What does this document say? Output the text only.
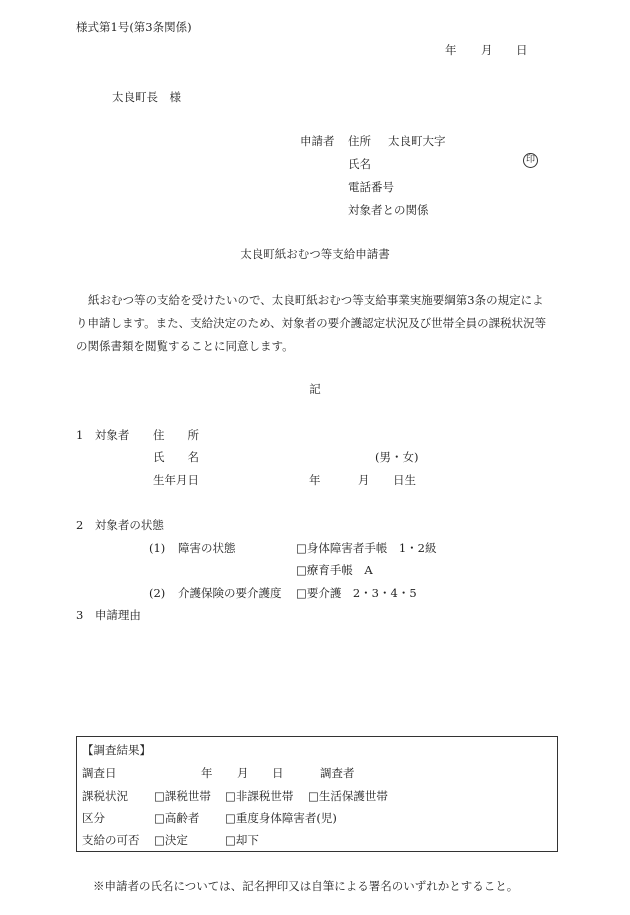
様式第1号(第3条関係)
年 月 日
太良町長　様
申請者 住所 太良町大字
氏名	印
電話番号
対象者との関係
太良町紙おむつ等支給申請書
紙おむつ等の支給を受けたいので、太良町紙おむつ等支給事業実施要綱第3条の規定により申請します。また、支給決定のため、対象者の要介護認定状況及び世帯全員の課税状況等の関係書類を閲覧することに同意します。
記
1　対象者 住　　所
氏　　名	(男・女)
生年月日	年	月 日生
2　対象者の状態
(1) 障害の状態	□身体障害者手帳　1・2級
□療育手帳　A
(2) 介護保険の要介護度 □要介護　2・3・4・5
3　申請理由
【調査結果】
調査日	年 月 日	調査者
課税状況 □課税世帯 □非課税世帯 □生活保護世帯
区分	□高齢者 □重度身体障害者(児)
支給の可否 □決定	□却下
※申請者の氏名については、記名押印又は自筆による署名のいずれかとすること。
